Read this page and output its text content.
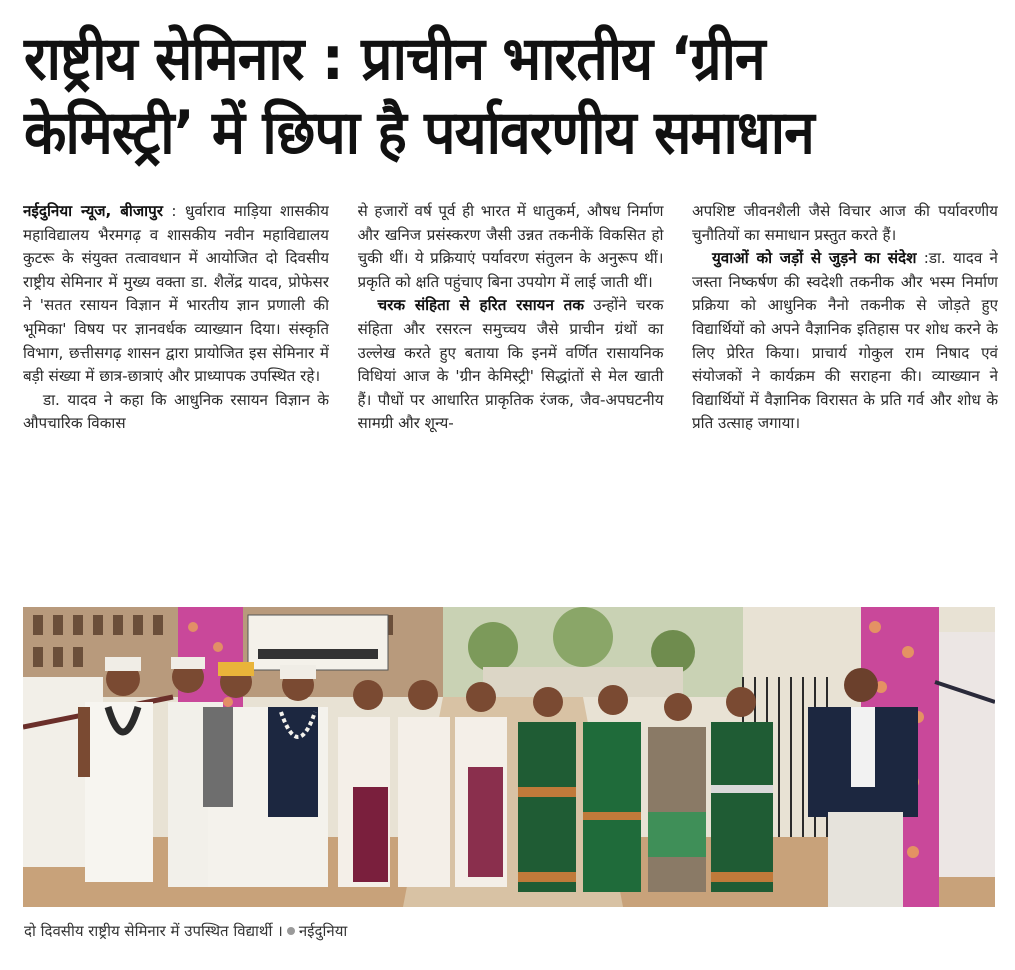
राष्ट्रीय सेमिनार : प्राचीन भारतीय ‘ग्रीन
केमिस्ट्री’ में छिपा है पर्यावरणीय समाधान

नईदुनिया न्यूज, बीजापुर : धुर्वाराव माड़िया शासकीय महाविद्यालय भैरमगढ़ व शासकीय नवीन महाविद्यालय कुटरू के संयुक्त तत्वावधान में आयोजित दो दिवसीय राष्ट्रीय सेमिनार में मुख्य वक्ता डा. शैलेंद्र यादव, प्रोफेसर ने 'सतत रसायन विज्ञान में भारतीय ज्ञान प्रणाली की भूमिका' विषय पर ज्ञानवर्धक व्याख्यान दिया। संस्कृति विभाग, छत्तीसगढ़ शासन द्वारा प्रायोजित इस सेमिनार में बड़ी संख्या में छात्र-छात्राएं और प्राध्यापक उपस्थित रहे।

डा. यादव ने कहा कि आधुनिक रसायन विज्ञान के औपचारिक विकास

से हजारों वर्ष पूर्व ही भारत में धातुकर्म, औषध निर्माण और खनिज प्रसंस्करण जैसी उन्नत तकनीकें विकसित हो चुकी थीं। ये प्रक्रियाएं पर्यावरण संतुलन के अनुरूप थीं। प्रकृति को क्षति पहुंचाए बिना उपयोग में लाई जाती थीं।

चरक संहिता से हरित रसायन तक उन्होंने चरक संहिता और रसरत्न समुच्चय जैसे प्राचीन ग्रंथों का उल्लेख करते हुए बताया कि इनमें वर्णित रासायनिक विधियां आज के 'ग्रीन केमिस्ट्री' सिद्धांतों से मेल खाती हैं। पौधों पर आधारित प्राकृतिक रंजक, जैव-अपघटनीय सामग्री और शून्य-

अपशिष्ट जीवनशैली जैसे विचार आज की पर्यावरणीय चुनौतियों का समाधान प्रस्तुत करते हैं।

युवाओं को जड़ों से जुड़ने का संदेश :डा. यादव ने जस्ता निष्कर्षण की स्वदेशी तकनीक और भस्म निर्माण प्रक्रिया को आधुनिक नैनो तकनीक से जोड़ते हुए विद्यार्थियों को अपने वैज्ञानिक इतिहास पर शोध करने के लिए प्रेरित किया। प्राचार्य गोकुल राम निषाद एवं संयोजकों ने कार्यक्रम की सराहना की। व्याख्यान ने विद्यार्थियों में वैज्ञानिक विरासत के प्रति गर्व और शोध के प्रति उत्साह जगाया।

दो दिवसीय राष्ट्रीय सेमिनार में उपस्थित विद्यार्थी । नईदुनिया
